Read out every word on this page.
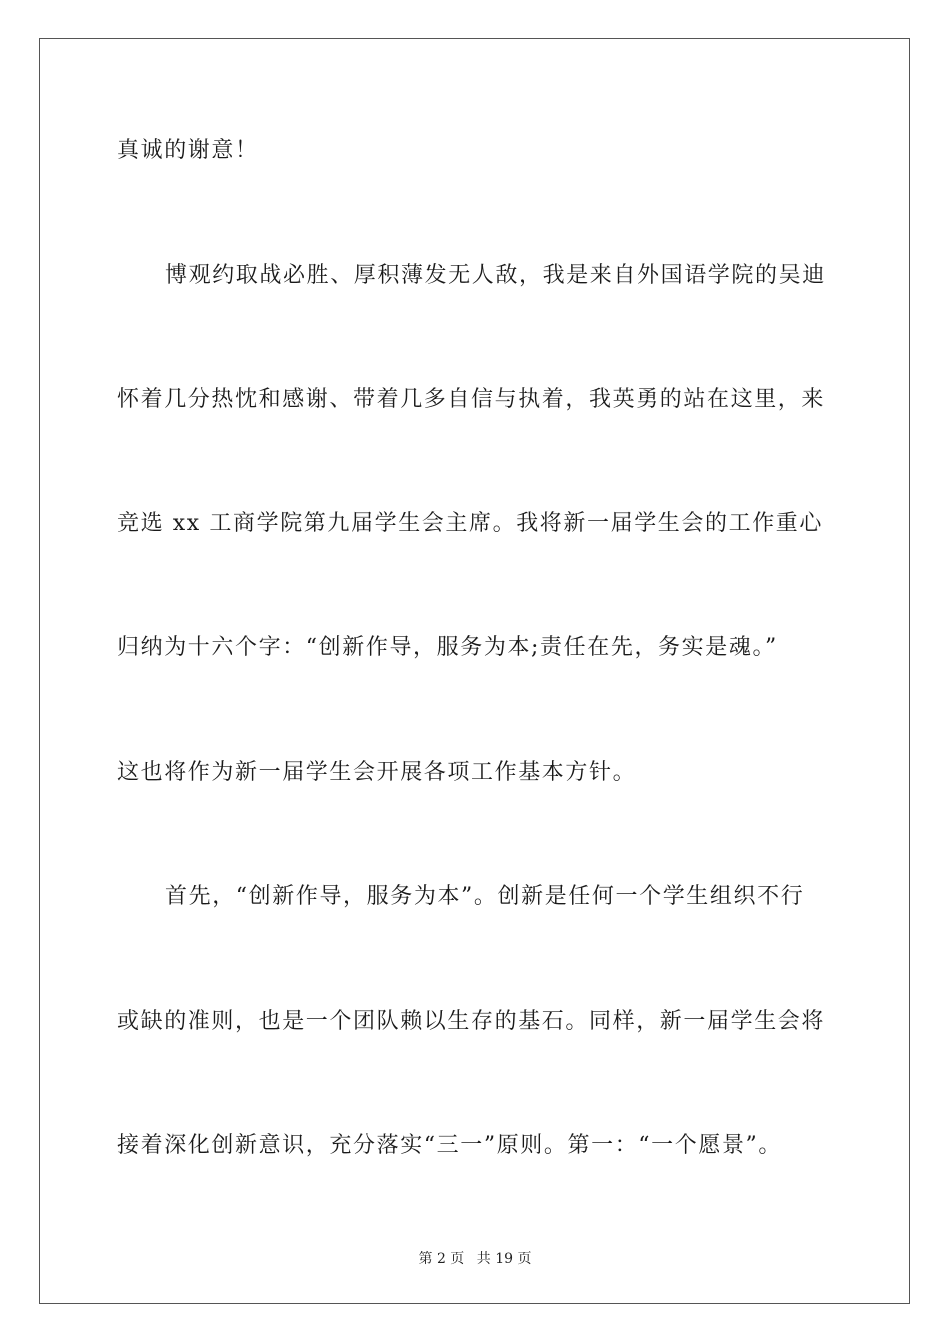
真诚的谢意！
博观约取战必胜、厚积薄发无人敌，我是来自外国语学院的吴迪
怀着几分热忱和感谢、带着几多自信与执着，我英勇的站在这里，来
竞选 xx 工商学院第九届学生会主席。我将新一届学生会的工作重心
归纳为十六个字：“创新作导，服务为本;责任在先，务实是魂。”
这也将作为新一届学生会开展各项工作基本方针。
首先，“创新作导，服务为本”。创新是任何一个学生组织不行
或缺的准则，也是一个团队赖以生存的基石。同样，新一届学生会将
接着深化创新意识，充分落实“三一”原则。第一：“一个愿景”。
第 2 页 共 19 页
